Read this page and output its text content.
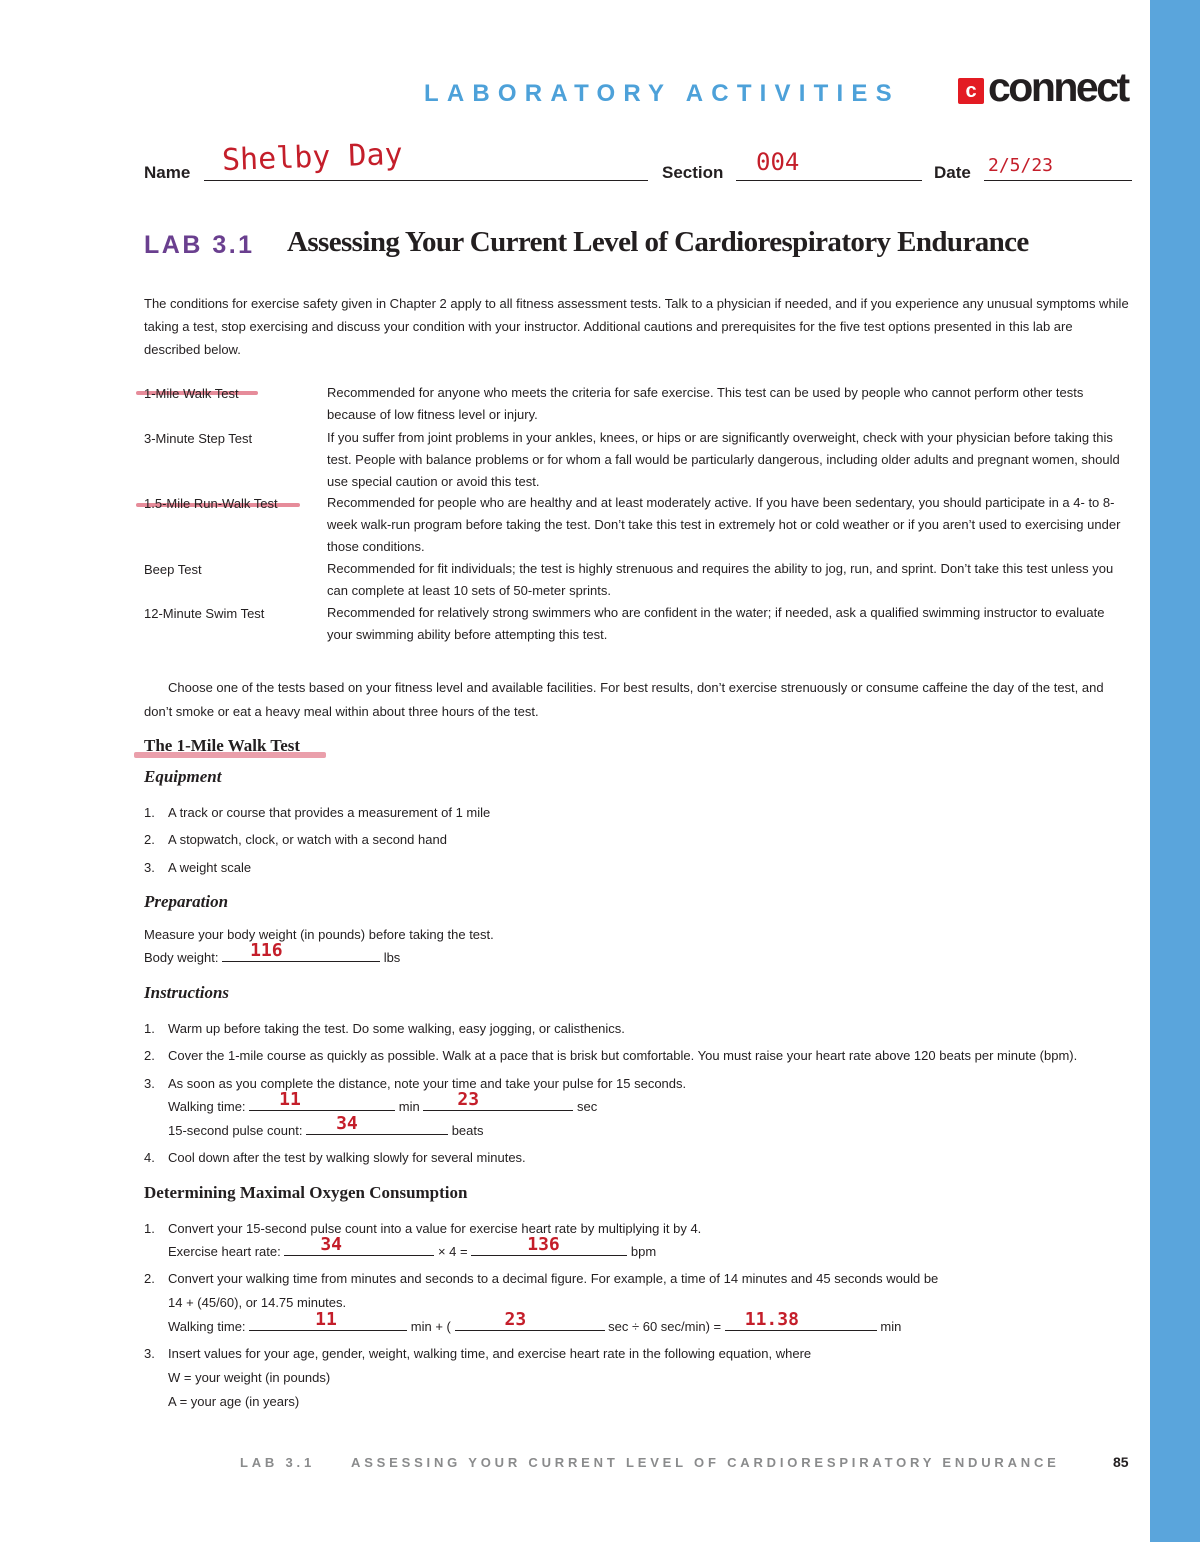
LABORATORY ACTIVITIES	c connect
Name Shelby Day	Section 004	Date 2/5/23
LAB 3.1 Assessing Your Current Level of Cardiorespiratory Endurance
The conditions for exercise safety given in Chapter 2 apply to all fitness assessment tests. Talk to a physician if needed, and if you experience any unusual symptoms while taking a test, stop exercising and discuss your condition with your instructor. Additional cautions and prerequisites for the five test options presented in this lab are described below.
1-Mile Walk Test	Recommended for anyone who meets the criteria for safe exercise. This test can be used by people who cannot perform other tests because of low fitness level or injury.
3-Minute Step Test	If you suffer from joint problems in your ankles, knees, or hips or are significantly overweight, check with your physician before taking this test. People with balance problems or for whom a fall would be particularly dangerous, including older adults and pregnant women, should use special caution or avoid this test.
1.5-Mile Run-Walk Test	Recommended for people who are healthy and at least moderately active. If you have been sedentary, you should participate in a 4- to 8-week walk-run program before taking the test. Don’t take this test in extremely hot or cold weather or if you aren’t used to exercising under those conditions.
Beep Test	Recommended for fit individuals; the test is highly strenuous and requires the ability to jog, run, and sprint. Don’t take this test unless you can complete at least 10 sets of 50-meter sprints.
12-Minute Swim Test	Recommended for relatively strong swimmers who are confident in the water; if needed, ask a qualified swimming instructor to evaluate your swimming ability before attempting this test.
Choose one of the tests based on your fitness level and available facilities. For best results, don’t exercise strenuously or consume caffeine the day of the test, and don’t smoke or eat a heavy meal within about three hours of the test.
The 1-Mile Walk Test
Equipment
1. A track or course that provides a measurement of 1 mile
2. A stopwatch, clock, or watch with a second hand
3. A weight scale
Preparation
Measure your body weight (in pounds) before taking the test.
Body weight: 116	lbs
Instructions
1. Warm up before taking the test. Do some walking, easy jogging, or calisthenics.
2. Cover the 1-mile course as quickly as possible. Walk at a pace that is brisk but comfortable. You must raise your heart rate above 120 beats per minute (bpm).
3. As soon as you complete the distance, note your time and take your pulse for 15 seconds.
Walking time: 11	min 23	sec
15-second pulse count: 34	beats
4. Cool down after the test by walking slowly for several minutes.
Determining Maximal Oxygen Consumption
1. Convert your 15-second pulse count into a value for exercise heart rate by multiplying it by 4.
Exercise heart rate: 34	× 4 =	136	bpm
2. Convert your walking time from minutes and seconds to a decimal figure. For example, a time of 14 minutes and 45 seconds would be
14 + (45/60), or 14.75 minutes.
Walking time:	11	min + (	23	sec ÷ 60 sec/min) = 11.38	min
3. Insert values for your age, gender, weight, walking time, and exercise heart rate in the following equation, where
W = your weight (in pounds)
A = your age (in years)
LAB 3.1	ASSESSING YOUR CURRENT LEVEL OF CARDIORESPIRATORY ENDURANCE	85
